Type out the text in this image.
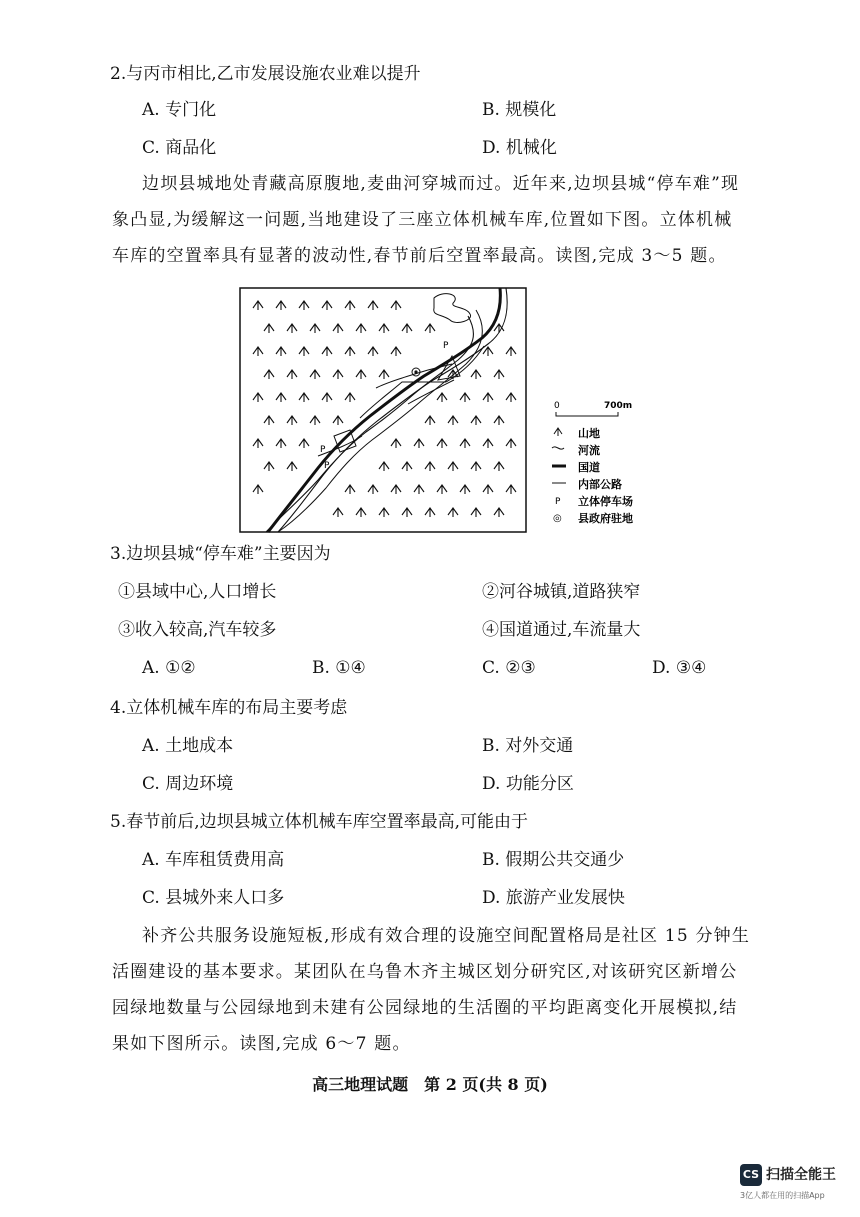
2.与丙市相比,乙市发展设施农业难以提升
A. 专门化	B. 规模化
C. 商品化	D. 机械化
边坝县城地处青藏高原腹地,麦曲河穿城而过。近年来,边坝县城“停车难”现
象凸显,为缓解这一问题,当地建设了三座立体机械车库,位置如下图。立体机械
车库的空置率具有显著的波动性,春节前后空置率最高。读图,完成 3～5 题。
P
P
P
0	700m
P
◎
山地
河流
国道
内部公路
立体停车场
县政府驻地
3.边坝县城“停车难”主要因为
①县域中心,人口增长	②河谷城镇,道路狭窄
③收入较高,汽车较多	④国道通过,车流量大
A. ①②	B. ①④	C. ②③	D. ③④
4.立体机械车库的布局主要考虑
A. 土地成本	B. 对外交通
C. 周边环境	D. 功能分区
5.春节前后,边坝县城立体机械车库空置率最高,可能由于
A. 车库租赁费用高	B. 假期公共交通少
C. 县城外来人口多	D. 旅游产业发展快
补齐公共服务设施短板,形成有效合理的设施空间配置格局是社区 15 分钟生
活圈建设的基本要求。某团队在乌鲁木齐主城区划分研究区,对该研究区新增公
园绿地数量与公园绿地到未建有公园绿地的生活圈的平均距离变化开展模拟,结
果如下图所示。读图,完成 6～7 题。
高三地理试题　第 2 页(共 8 页)
CS 扫描全能王
3亿人都在用的扫描App
